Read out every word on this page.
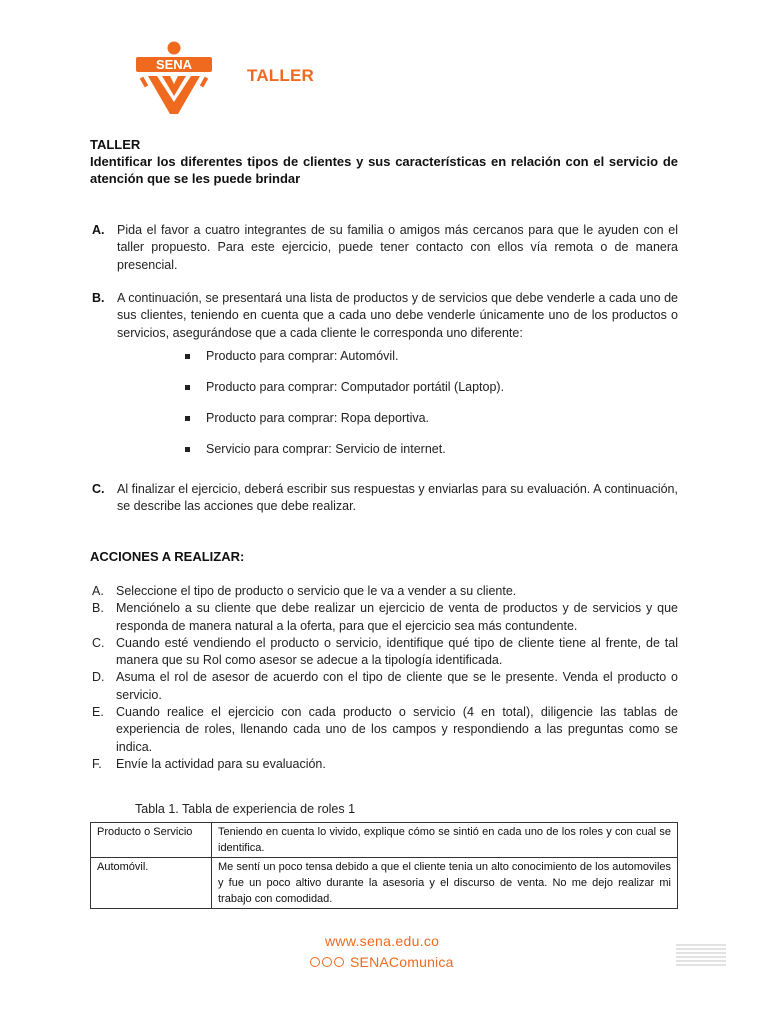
SENA
TALLER
TALLER
Identificar los diferentes tipos de clientes y sus características en relación con el servicio de atención que se les puede brindar
A. Pida el favor a cuatro integrantes de su familia o amigos más cercanos para que le ayuden con el taller propuesto. Para este ejercicio, puede tener contacto con ellos vía remota o de manera presencial.
B. A continuación, se presentará una lista de productos y de servicios que debe venderle a cada uno de sus clientes, teniendo en cuenta que a cada uno debe venderle únicamente uno de los productos o servicios, asegurándose que a cada cliente le corresponda uno diferente:
Producto para comprar: Automóvil.
Producto para comprar: Computador portátil (Laptop).
Producto para comprar: Ropa deportiva.
Servicio para comprar: Servicio de internet.
C. Al finalizar el ejercicio, deberá escribir sus respuestas y enviarlas para su evaluación. A continuación, se describe las acciones que debe realizar.
ACCIONES A REALIZAR:
A. Seleccione el tipo de producto o servicio que le va a vender a su cliente.
B. Menciónelo a su cliente que debe realizar un ejercicio de venta de productos y de servicios y que responda de manera natural a la oferta, para que el ejercicio sea más contundente.
C. Cuando esté vendiendo el producto o servicio, identifique qué tipo de cliente tiene al frente, de tal manera que su Rol como asesor se adecue a la tipología identificada.
D. Asuma el rol de asesor de acuerdo con el tipo de cliente que se le presente. Venda el producto o servicio.
E. Cuando realice el ejercicio con cada producto o servicio (4 en total), diligencie las tablas de experiencia de roles, llenando cada uno de los campos y respondiendo a las preguntas como se indica.
F. Envíe la actividad para su evaluación.
Tabla 1. Tabla de experiencia de roles 1
Producto o Servicio	Teniendo en cuenta lo vivido, explique cómo se sintió en cada uno de los roles y con cual se identifica.
Automóvil.	Me sentí un poco tensa debido a que el cliente tenia un alto conocimiento de los automoviles y fue un poco altivo durante la asesoria y el discurso de venta. No me dejo realizar mi trabajo con comodidad.
www.sena.edu.co
SENAComunica
